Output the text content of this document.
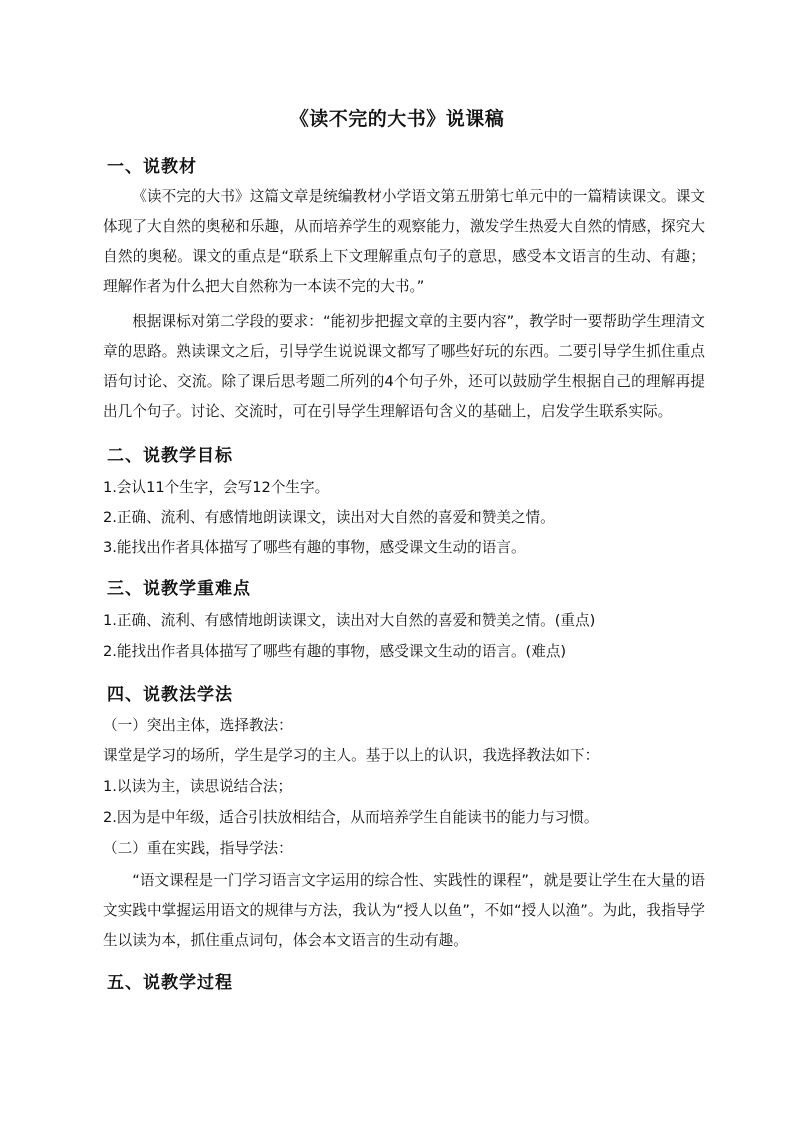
《读不完的大书》说课稿
一、说教材
《读不完的大书》这篇文章是统编教材小学语文第五册第七单元中的一篇精读课文。课文体现了大自然的奥秘和乐趣，从而培养学生的观察能力，激发学生热爱大自然的情感，探究大自然的奥秘。课文的重点是“联系上下文理解重点句子的意思，感受本文语言的生动、有趣；理解作者为什么把大自然称为一本读不完的大书。”
根据课标对第二学段的要求：“能初步把握文章的主要内容”，教学时一要帮助学生理清文章的思路。熟读课文之后，引导学生说说课文都写了哪些好玩的东西。二要引导学生抓住重点语句讨论、交流。除了课后思考题二所列的4个句子外，还可以鼓励学生根据自己的理解再提出几个句子。讨论、交流时，可在引导学生理解语句含义的基础上，启发学生联系实际。
二、说教学目标
1.会认11个生字，会写12个生字。
2.正确、流利、有感情地朗读课文，读出对大自然的喜爱和赞美之情。
3.能找出作者具体描写了哪些有趣的事物，感受课文生动的语言。
三、说教学重难点
1.正确、流利、有感情地朗读课文，读出对大自然的喜爱和赞美之情。(重点)
2.能找出作者具体描写了哪些有趣的事物，感受课文生动的语言。(难点)
四、说教法学法
（一）突出主体，选择教法：
课堂是学习的场所，学生是学习的主人。基于以上的认识，我选择教法如下：
1.以读为主，读思说结合法；
2.因为是中年级，适合引扶放相结合，从而培养学生自能读书的能力与习惯。
（二）重在实践，指导学法：
“语文课程是一门学习语言文字运用的综合性、实践性的课程”，就是要让学生在大量的语文实践中掌握运用语文的规律与方法，我认为“授人以鱼”，不如“授人以渔”。为此，我指导学生以读为本，抓住重点词句，体会本文语言的生动有趣。
五、说教学过程
